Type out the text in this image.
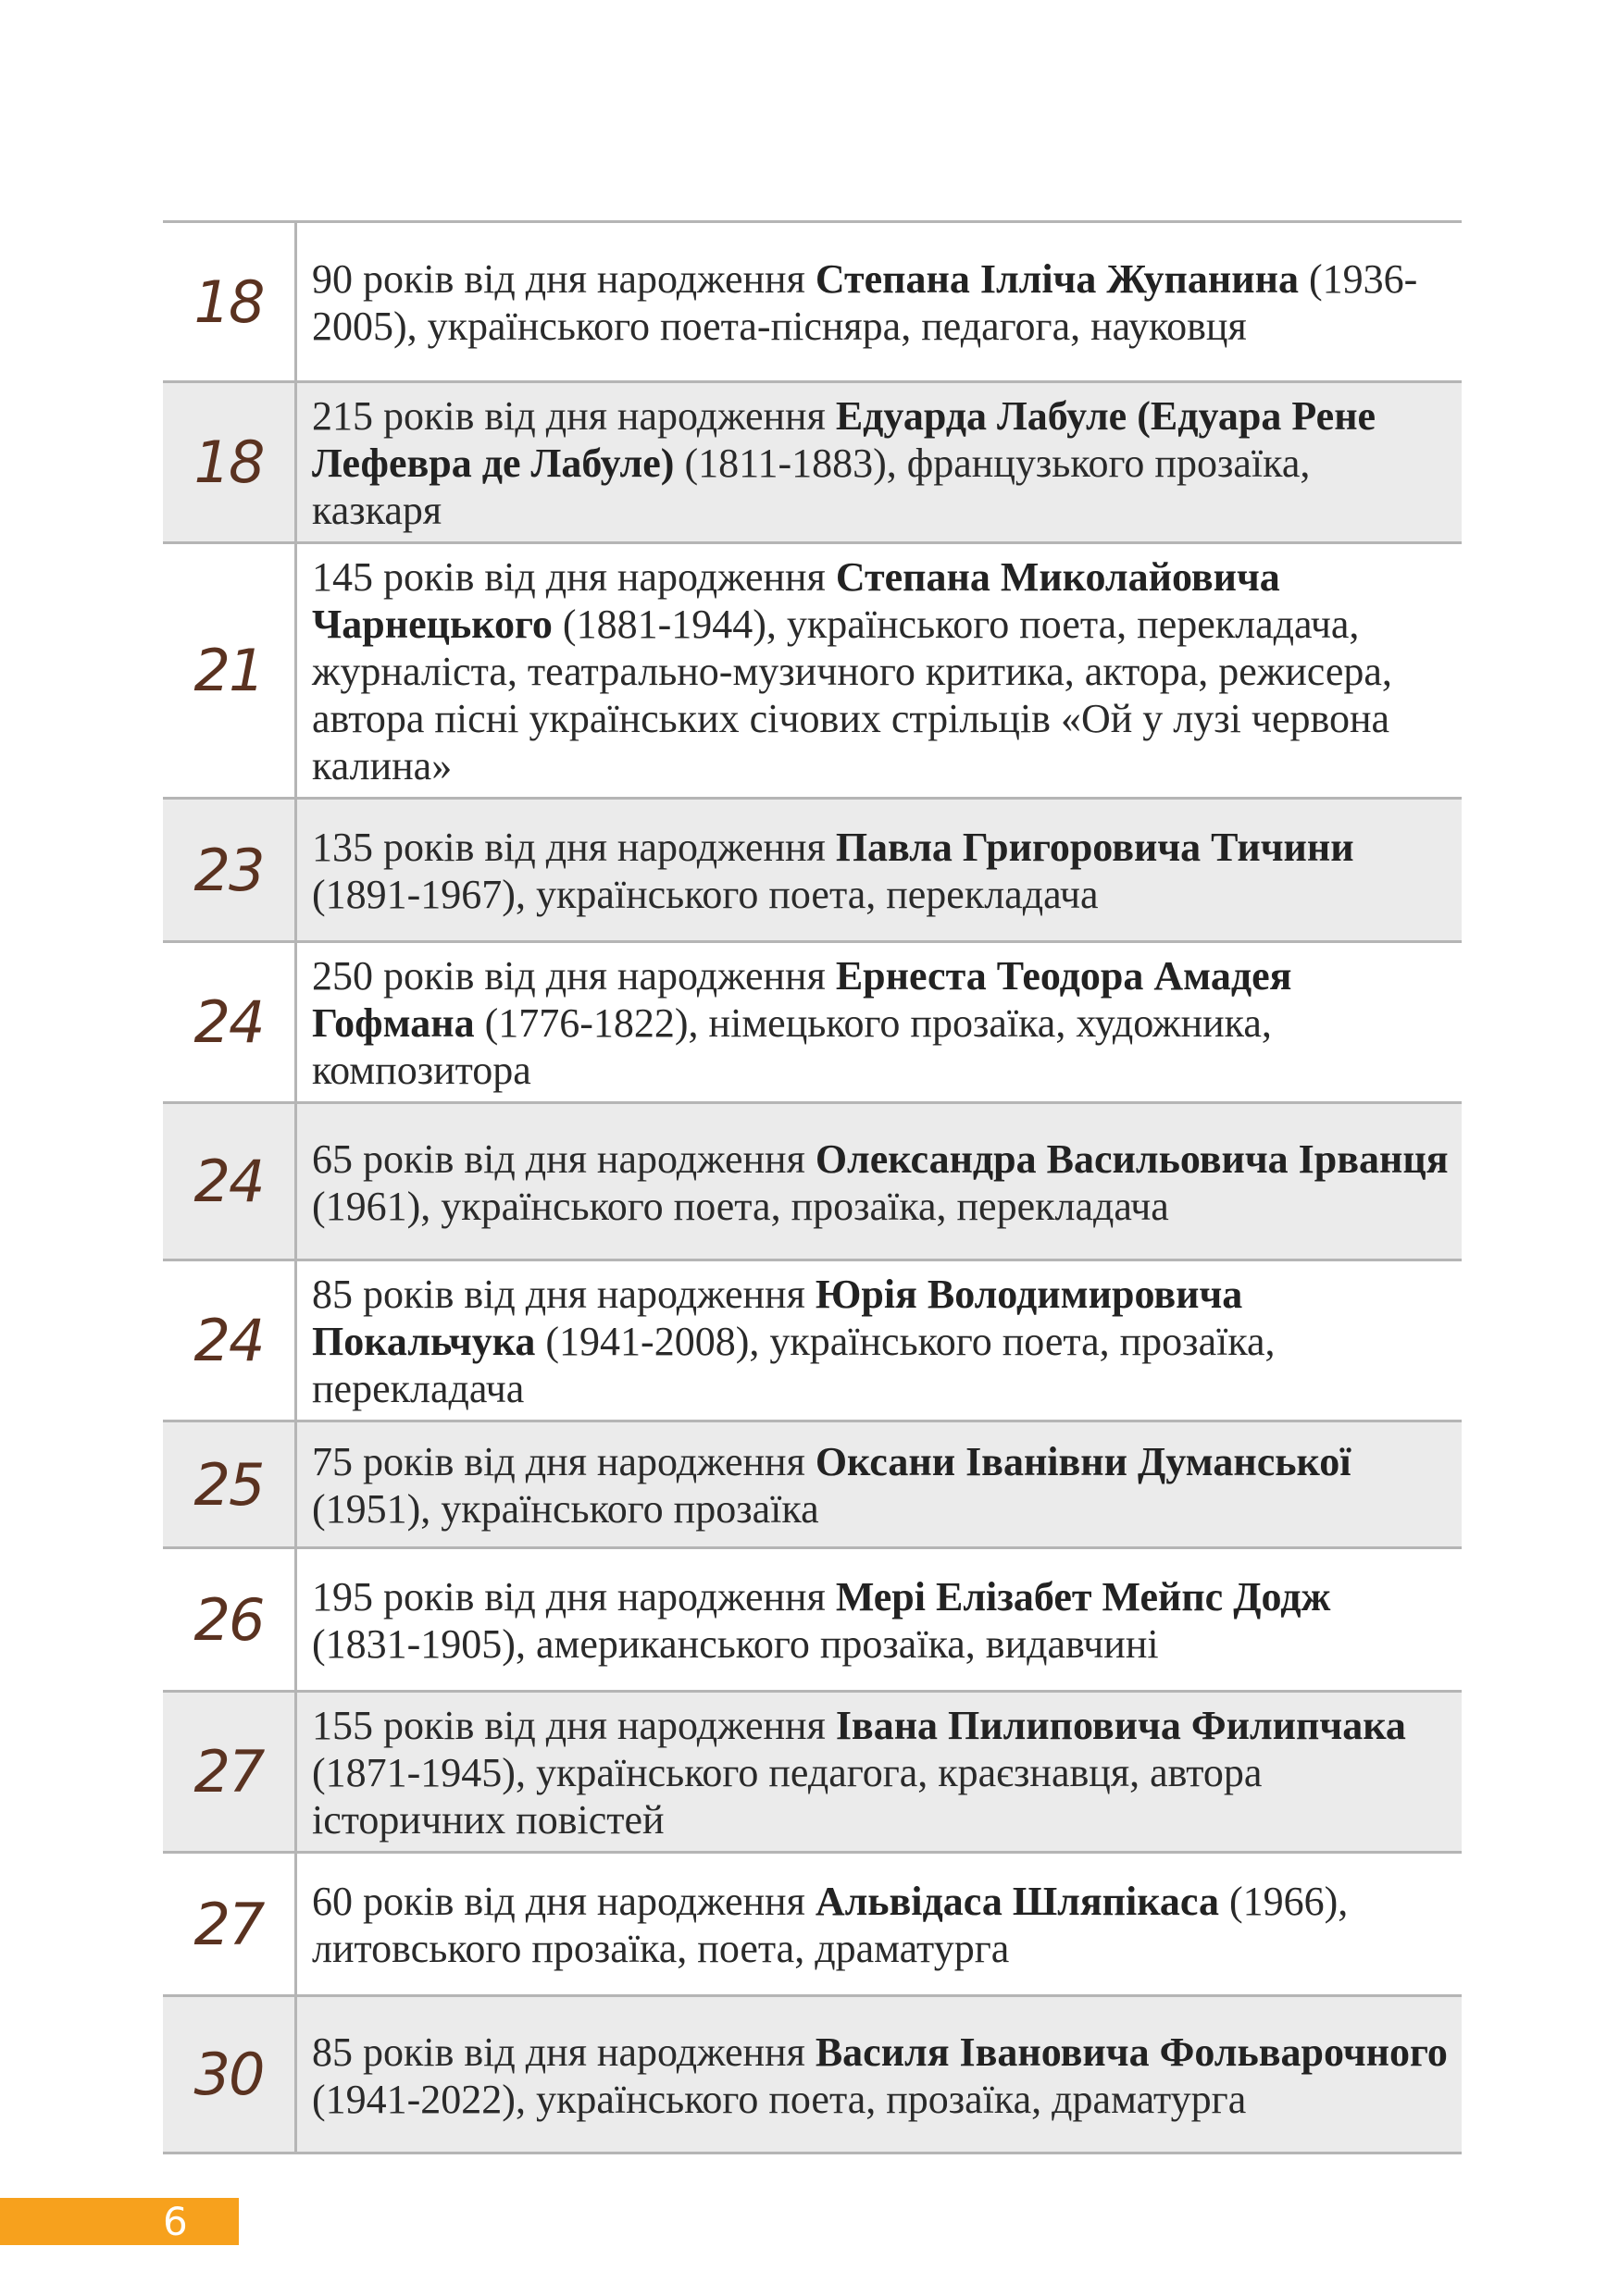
18	90 років від дня народження Степана Ілліча Жупанина (1936-2005), українського поета-пісняра, педагога, науковця
18	215 років від дня народження Едуарда Лабуле (Едуара Рене Лефевра де Лабуле) (1811-1883), французького прозаїка, казкаря
21	145 років від дня народження Степана Миколайовича Чарнецького (1881-1944), українського поета, перекладача, журналіста, театрально-музичного критика, актора, режисера, автора пісні українських січових стрільців «Ой у лузі червона калина»
23	135 років від дня народження Павла Григоровича Тичини (1891-1967), українського поета, перекладача
24	250 років від дня народження Ернеста Теодора Амадея Гофмана (1776-1822), німецького прозаїка, художника, композитора
24	65 років від дня народження Олександра Васильовича Ірванця (1961), українського поета, прозаїка, перекладача
24	85 років від дня народження Юрія Володимировича Покальчука (1941-2008), українського поета, прозаїка, перекладача
25	75 років від дня народження Оксани Іванівни Думанської (1951), українського прозаїка
26	195 років від дня народження Мері Елізабет Мейпс Додж (1831-1905), американського прозаїка, видавчині
27	155 років від дня народження Івана Пилиповича Филипчака (1871-1945), українського педагога, краєзнавця, автора історичних повістей
27	60 років від дня народження Альвідаса Шляпікаса (1966), литовського прозаїка, поета, драматурга
30	85 років від дня народження Василя Івановича Фольварочного (1941-2022), українського поета, прозаїка, драматурга
6
